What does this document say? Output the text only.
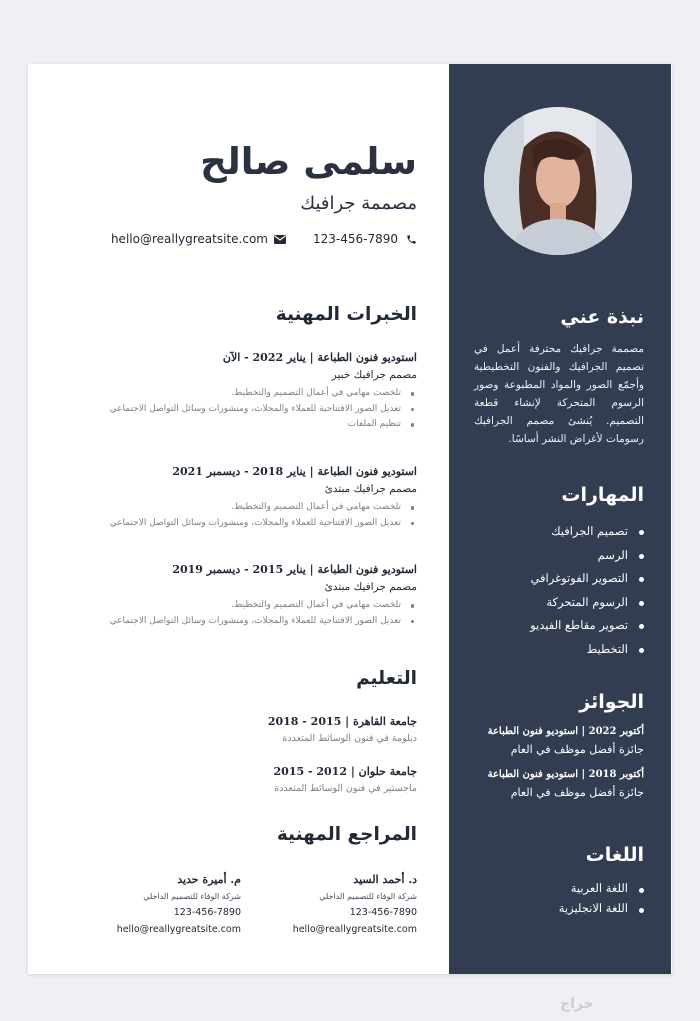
نبذة عني

مصممة جرافيك محترفة أعمل في تصميم الجرافيك والفنون التخطيطية وأجمّع الصور والمواد المطبوعة وصور الرسوم المتحركة لإنشاء قطعة التصميم. يُنشئ مصمم الجرافيك رسومات لأغراض النشر أساسًا.

المهارات
تصميم الجرافيك
الرسم
التصوير الفوتوغرافي
الرسوم المتحركة
تصوير مقاطع الفيديو
التخطيط
الجوائز

أكتوبر 2022 | استوديو فنون الطباعة

جائزة أفضل موظف في العام

أكتوبر 2018 | استوديو فنون الطباعة

جائزة أفضل موظف في العام

اللغات
اللغة العربية
اللغة الانجليزية
سلمى صالح

مصممة جرافيك

hello@reallygreatsite.com	123-456-7890
الخبرات المهنية

استوديو فنون الطباعة | يناير 2022 - الآن

مصمم جرافيك خبير

تلخصت مهامي في أعمال التصميم والتخطيط.
تعديل الصور الافتتاحية للعملاء والمجلات، ومنشورات وسائل التواصل الاجتماعي
تنظيم الملفات

استوديو فنون الطباعة | يناير 2018 - ديسمبر 2021

مصمم جرافيك مبتدئ

تلخصت مهامي في أعمال التصميم والتخطيط.
تعديل الصور الافتتاحية للعملاء والمجلات، ومنشورات وسائل التواصل الاجتماعي

استوديو فنون الطباعة | يناير 2015 - ديسمبر 2019

مصمم جرافيك مبتدئ

تلخصت مهامي في أعمال التصميم والتخطيط.
تعديل الصور الافتتاحية للعملاء والمجلات، ومنشورات وسائل التواصل الاجتماعي
التعليم

جامعة القاهرة | 2015 - 2018

دبلومة في فنون الوسائط المتعددة

جامعة حلوان | 2012 - 2015

ماجستير في فنون الوسائط المتعددة

المراجع المهنية

د. أحمد السيد

شركة الوفاء للتصميم الداخلي

123-456-7890

hello@reallygreatsite.com

م. أميرة حديد

شركة الوفاء للتصميم الداخلي

123-456-7890

hello@reallygreatsite.com

حراج
